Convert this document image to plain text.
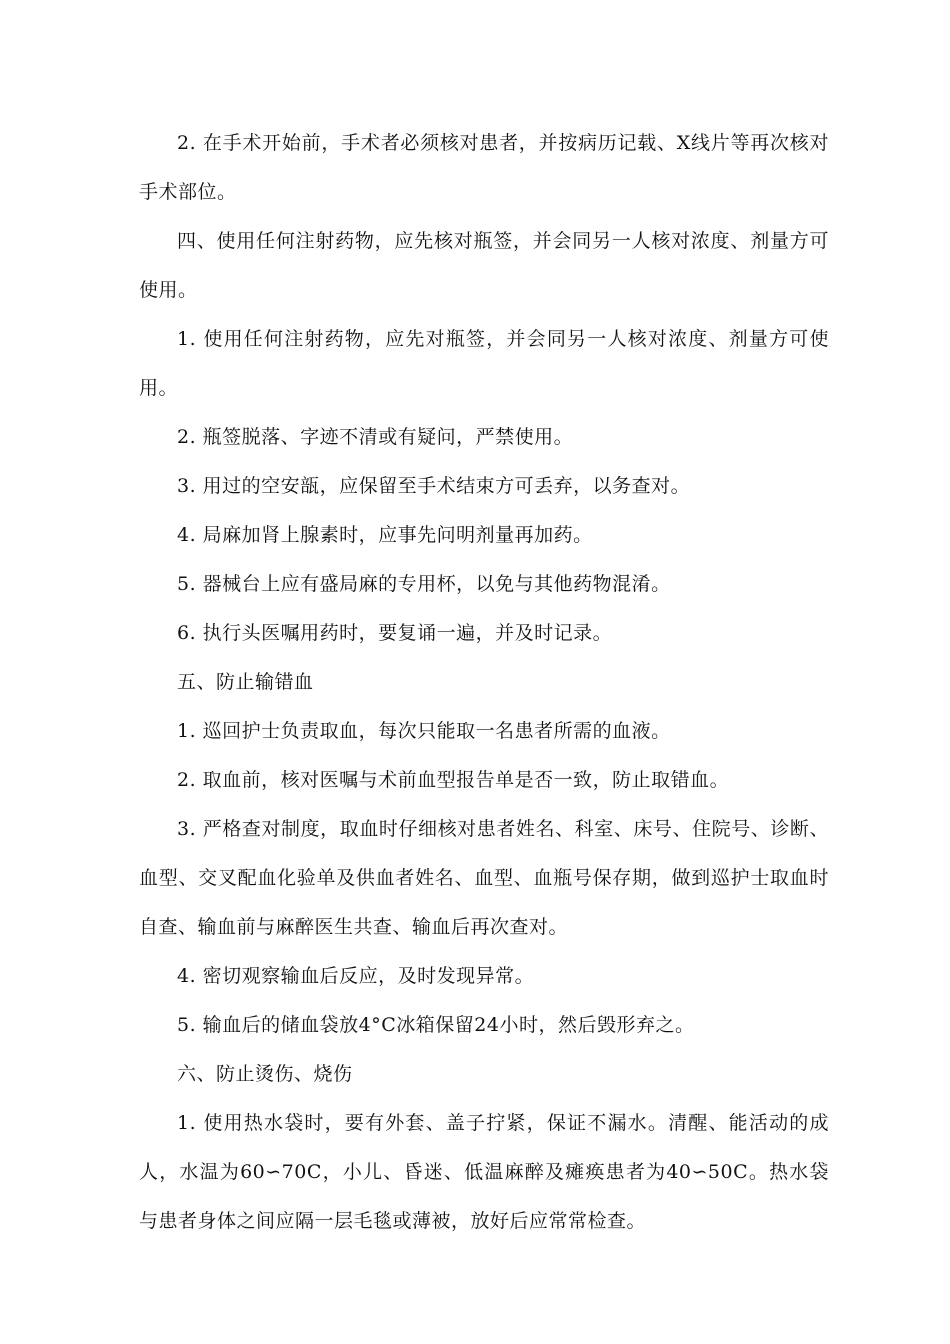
2. 在手术开始前，手术者必须核对患者，并按病历记载、X线片等再次核对手术部位。

四、使用任何注射药物，应先核对瓶签，并会同另一人核对浓度、剂量方可使用。

1. 使用任何注射药物，应先对瓶签，并会同另一人核对浓度、剂量方可使用。

2. 瓶签脱落、字迹不清或有疑问，严禁使用。

3. 用过的空安瓿，应保留至手术结束方可丢弃，以务查对。

4. 局麻加肾上腺素时，应事先问明剂量再加药。

5. 器械台上应有盛局麻的专用杯，以免与其他药物混淆。

6. 执行头医嘱用药时，要复诵一遍，并及时记录。

五、防止输错血

1. 巡回护士负责取血，每次只能取一名患者所需的血液。

2. 取血前，核对医嘱与术前血型报告单是否一致，防止取错血。

3. 严格查对制度，取血时仔细核对患者姓名、科室、床号、住院号、诊断、血型、交叉配血化验单及供血者姓名、血型、血瓶号保存期，做到巡护士取血时自查、输血前与麻醉医生共查、输血后再次查对。

4. 密切观察输血后反应，及时发现异常。

5. 输血后的储血袋放4°C冰箱保留24小时，然后毁形弃之。

六、防止烫伤、烧伤

1. 使用热水袋时，要有外套、盖子拧紧，保证不漏水。清醒、能活动的成人，水温为60∽70C，小儿、昏迷、低温麻醉及瘫痪患者为40∽50C。热水袋与患者身体之间应隔一层毛毯或薄被，放好后应常常检查。
